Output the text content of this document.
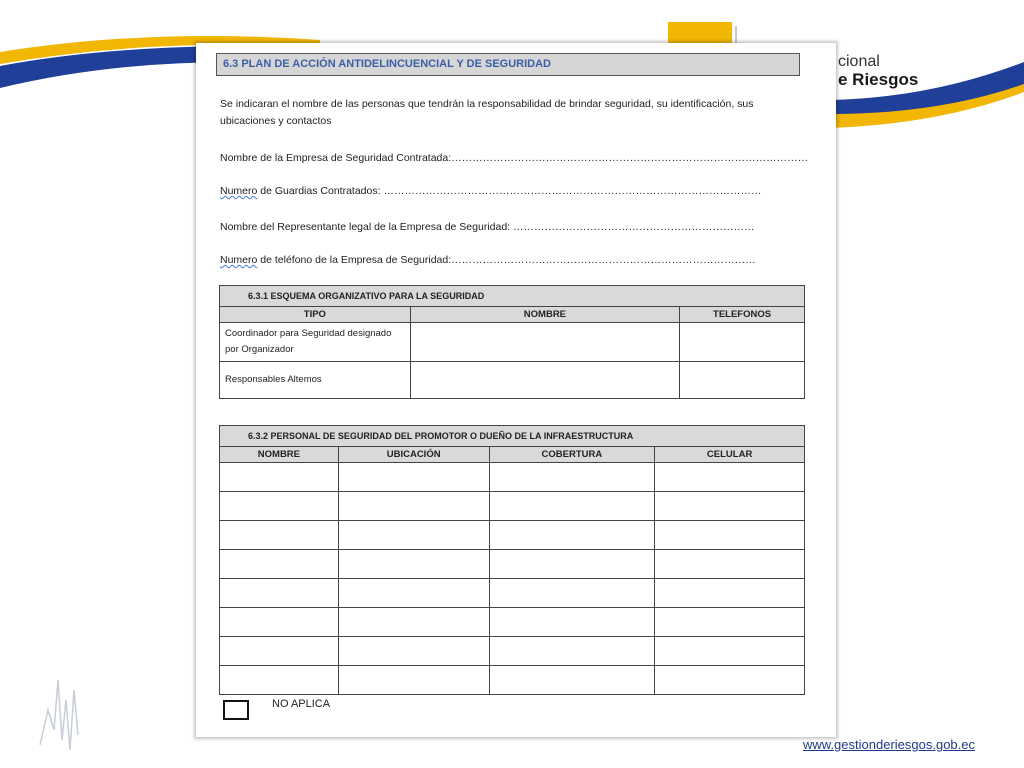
cional
e Riesgos
6.3 PLAN DE ACCIÓN ANTIDELINCUENCIAL Y DE SEGURIDAD
Se indicaran el nombre de las personas que tendrán la responsabilidad de brindar seguridad, su identificación, sus ubicaciones y contactos
Nombre de la Empresa de Seguridad Contratada:…………………………………………………………………………………………
Numero de Guardias Contratados: ………………………………………………………………………………………………
Nombre del Representante legal de la Empresa de Seguridad: ……………………………………………………………
Numero de teléfono de la Empresa de Seguridad:……………………………………………………………………………
6.3.1 ESQUEMA ORGANIZATIVO PARA LA SEGURIDAD		
TIPO	NOMBRE	TELEFONOS
Coordinador para Seguridad designado por Organizador		
Responsables Altemos		
6.3.2 PERSONAL DE SEGURIDAD DEL PROMOTOR O DUEÑO DE LA INFRAESTRUCTURA			
NOMBRE	UBICACIÓN	COBERTURA	CELULAR

NO APLICA
www.gestionderiesgos.gob.ec
